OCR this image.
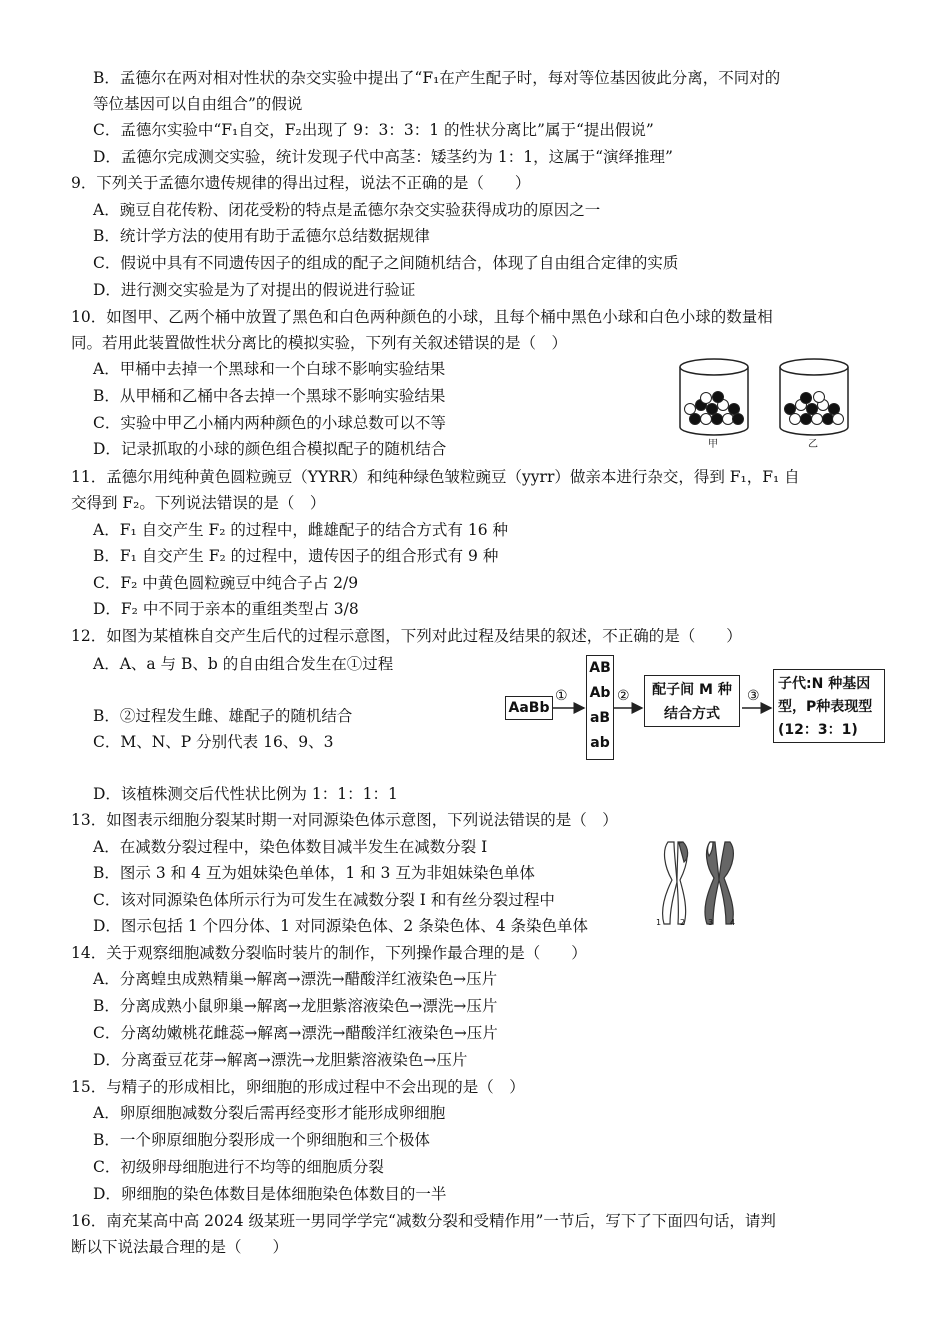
B．孟德尔在两对相对性状的杂交实验中提出了“F₁在产生配子时，每对等位基因彼此分离，不同对的
等位基因可以自由组合”的假说
C．孟德尔实验中“F₁自交，F₂出现了 9：3：3：1 的性状分离比”属于“提出假说”
D．孟德尔完成测交实验，统计发现子代中高茎：矮茎约为 1：1，这属于“演绎推理”
9．下列关于孟德尔遗传规律的得出过程，说法不正确的是（　　）
A．豌豆自花传粉、闭花受粉的特点是孟德尔杂交实验获得成功的原因之一
B．统计学方法的使用有助于孟德尔总结数据规律
C．假说中具有不同遗传因子的组成的配子之间随机结合，体现了自由组合定律的实质
D．进行测交实验是为了对提出的假说进行验证
10．如图甲、乙两个桶中放置了黑色和白色两种颜色的小球，且每个桶中黑色小球和白色小球的数量相
同。若用此装置做性状分离比的模拟实验，下列有关叙述错误的是（　）
A．甲桶中去掉一个黑球和一个白球不影响实验结果
B．从甲桶和乙桶中各去掉一个黑球不影响实验结果
C．实验中甲乙小桶内两种颜色的小球总数可以不等
D．记录抓取的小球的颜色组合模拟配子的随机结合
11．孟德尔用纯种黄色圆粒豌豆（YYRR）和纯种绿色皱粒豌豆（yyrr）做亲本进行杂交，得到 F₁，F₁ 自
交得到 F₂。下列说法错误的是（　）
A．F₁ 自交产生 F₂ 的过程中，雌雄配子的结合方式有 16 种
B．F₁ 自交产生 F₂ 的过程中，遗传因子的组合形式有 9 种
C．F₂ 中黄色圆粒豌豆中纯合子占 2/9
D．F₂ 中不同于亲本的重组类型占 3/8
12．如图为某植株自交产生后代的过程示意图，下列对此过程及结果的叙述，不正确的是（　　）
A．A、a 与 B、b 的自由组合发生在①过程
B．②过程发生雌、雄配子的随机结合
C．M、N、P 分别代表 16、9、3
D．该植株测交后代性状比例为 1：1：1：1
13．如图表示细胞分裂某时期一对同源染色体示意图，下列说法错误的是（　）
A．在减数分裂过程中，染色体数目减半发生在减数分裂 I
B．图示 3 和 4 互为姐妹染色单体，1 和 3 互为非姐妹染色单体
C．该对同源染色体所示行为可发生在减数分裂 I 和有丝分裂过程中
D．图示包括 1 个四分体、1 对同源染色体、2 条染色体、4 条染色单体
14．关于观察细胞减数分裂临时装片的制作，下列操作最合理的是（　　）
A．分离蝗虫成熟精巢→解离→漂洗→醋酸洋红液染色→压片
B．分离成熟小鼠卵巢→解离→龙胆紫溶液染色→漂洗→压片
C．分离幼嫩桃花雌蕊→解离→漂洗→醋酸洋红液染色→压片
D．分离蚕豆花芽→解离→漂洗→龙胆紫溶液染色→压片
15．与精子的形成相比，卵细胞的形成过程中不会出现的是（　）
A．卵原细胞减数分裂后需再经变形才能形成卵细胞
B．一个卵原细胞分裂形成一个卵细胞和三个极体
C．初级卵母细胞进行不均等的细胞质分裂
D．卵细胞的染色体数目是体细胞染色体数目的一半
16．南充某高中高 2024 级某班一男同学学完“减数分裂和受精作用”一节后，写下了下面四句话，请判
断以下说法最合理的是（　　）
甲	乙
AaBb
①
AB
Ab
aB
ab
②	配子间 M 种
结合方式
③
子代:N 种基因
型，P种表现型
(12：3：1)
1 2	3 4
